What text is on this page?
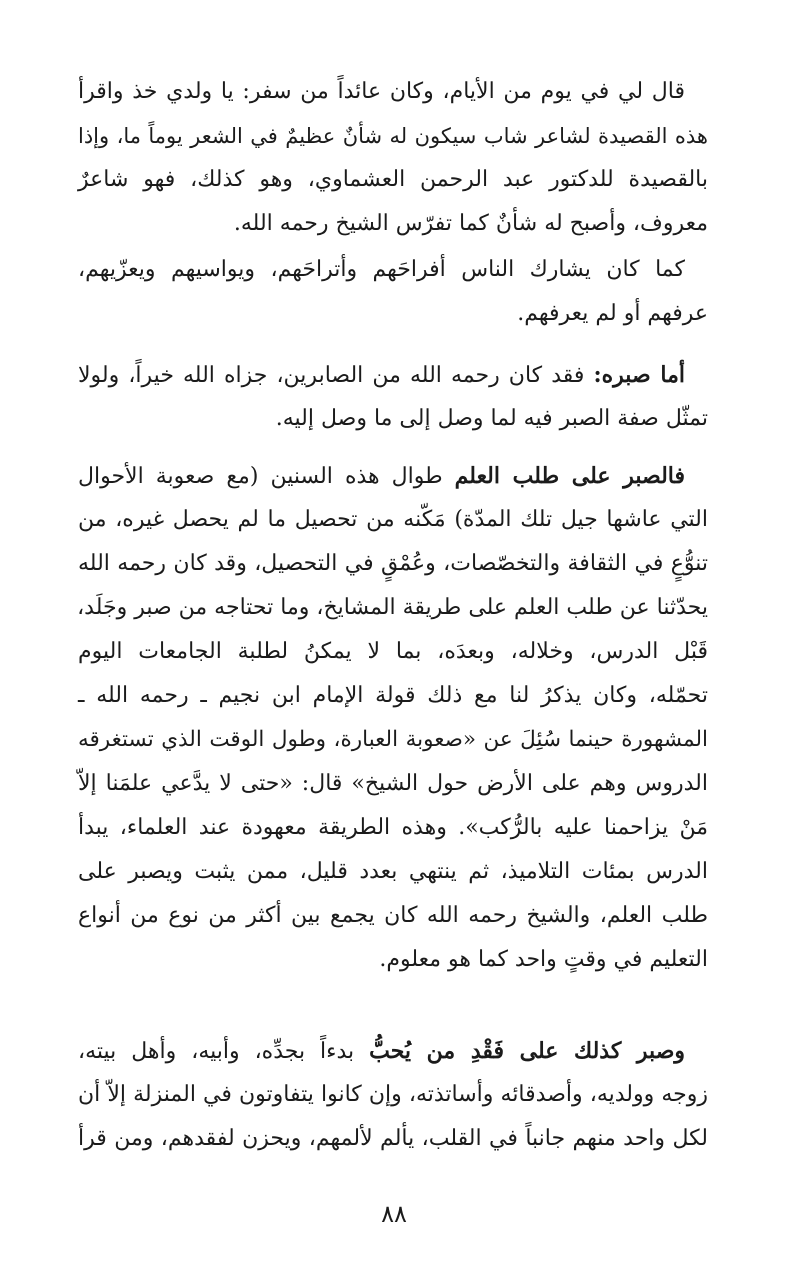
قال لي في يوم من الأيام، وكان عائداً من سفر: يا ولدي خذ واقرأ
هذه القصيدة لشاعر شاب سيكون له شأنٌ عظيمٌ في الشعر يوماً ما، وإذا
بالقصيدة للدكتور عبد الرحمن العشماوي، وهو كذلك، فهو شاعرٌ
معروف، وأصبح له شأنٌ كما تفرّس الشيخ رحمه الله.
كما كان يشارك الناس أفراحَهم وأتراحَهم، ويواسيهم ويعزّيهم،
عرفهم أو لم يعرفهم.
أما صبره: فقد كان رحمه الله من الصابرين، جزاه الله خيراً، ولولا
تمثّل صفة الصبر فيه لما وصل إلى ما وصل إليه.
فالصبر على طلب العلم طوال هذه السنين (مع صعوبة الأحوال
التي عاشها جيل تلك المدّة) مَكّنه من تحصيل ما لم يحصل غيره، من
تنوُّعٍ في الثقافة والتخصّصات، وعُمْقٍ في التحصيل، وقد كان رحمه الله
يحدّثنا عن طلب العلم على طريقة المشايخ، وما تحتاجه من صبر وجَلَد،
قَبْل الدرس، وخلاله، وبعدَه، بما لا يمكنُ لطلبة الجامعات اليوم
تحمّله، وكان يذكرُ لنا مع ذلك قولة الإمام ابن نجيم ـ رحمه الله ـ
المشهورة حينما سُئِلَ عن «صعوبة العبارة، وطول الوقت الذي تستغرقه
الدروس وهم على الأرض حول الشيخ» قال: «حتى لا يدَّعي علمَنا إلاّ
مَنْ يزاحمنا عليه بالرُّكب». وهذه الطريقة معهودة عند العلماء، يبدأ
الدرس بمئات التلاميذ، ثم ينتهي بعدد قليل، ممن يثبت ويصبر على
طلب العلم، والشيخ رحمه الله كان يجمع بين أكثر من نوع من أنواع
التعليم في وقتٍ واحد كما هو معلوم.
وصبر كذلك على فَقْدِ من يُحبُّ بدءاً بجدِّه، وأبيه، وأهل بيته،
زوجه وولديه، وأصدقائه وأساتذته، وإن كانوا يتفاوتون في المنزلة إلاّ أن
لكل واحد منهم جانباً في القلب، يألم لألمهم، ويحزن لفقدهم، ومن قرأ
٨٨
